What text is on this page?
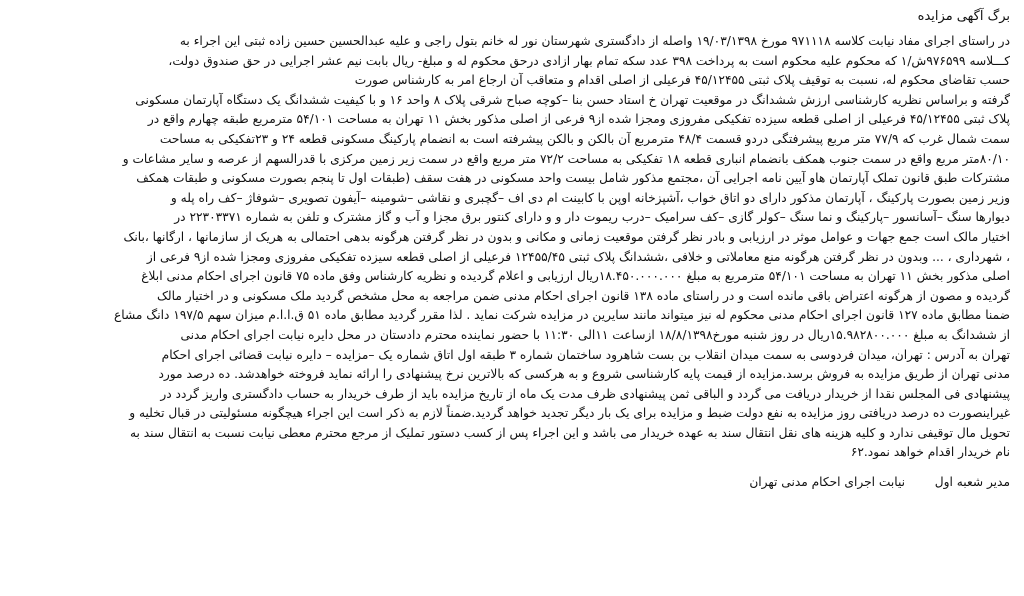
برگ آگهی مزایده
در راستای اجرای مفاد نیابت کلاسه ۹۷۱۱۱۸ مورخ ۱۹/۰۳/۱۳۹۸ واصله از دادگستری شهرستان نور له خانم بتول راجی و علیه عبدالحسین حسین زاده ثبتی این اجراء به
کـــلاسه ۹۷۶۵۹۹ش/۱ که محکوم علیه محکوم است به پرداخت ۳۹۸ عدد سکه تمام بهار ازادی درحق محکوم له و مبلغ- ریال بابت نیم عشر اجرایی در حق صندوق دولت،
حسب تقاضای محکوم له، نسبت به توقیف پلاک ثبتی ۴۵/۱۲۴۵۵ فرعیلی از اصلی اقدام و متعاقب آن ارجاع امر به کارشناس صورت
گرفته و براساس نظریه کارشناسی ارزش ششدانگ در موقعیت تهران خ استاد حسن بنا –کوچه صباح شرقی پلاک ۸ واحد ۱۶ و با کیفیت ششدانگ یک دستگاه آپارتمان مسکونی
پلاک ثبتی ۴۵/۱۲۴۵۵ فرعیلی از اصلی قطعه سیزده تفکیکی مفروزی ومجزا شده از۹ فرعی از اصلی مذکور بخش ۱۱ تهران به مساحت ۵۴/۱۰۱ مترمربع طبقه چهارم واقع در
سمت شمال غرب که ۷۷/۹ متر مربع پیشرفتگی دردو قسمت ۴۸/۴ مترمربع آن بالکن و بالکن پیشرفته است به انضمام پارکینگ مسکونی قطعه ۲۴ و ۲۳تفکیکی به مساحت
۸۰/۱۰متر مربع واقع در سمت جنوب همکف بانضمام انباری قطعه ۱۸ تفکیکی به مساحت ۷۲/۲ متر مربع واقع در سمت زیر زمین مرکزی با قدرالسهم از عرصه و سایر مشاعات و
مشترکات طبق قانون تملک آپارتمان هاو آیین نامه اجرایی آن ،مجتمع مذکور شامل بیست واحد مسکونی در هفت سقف (طبقات اول تا پنجم بصورت مسکونی و طبقات همکف
وزیر زمین بصورت پارکینگ ، آپارتمان مذکور دارای دو اتاق خواب ،آشپزخانه اوپن با کابینت ام دی اف –گچبری و نقاشی –شومینه –آیفون تصویری –شوفاژ –کف راه پله و
دیوارها سنگ –آسانسور –پارکینگ و نما سنگ –کولر گازی –کف سرامیک –درب ریموت دار و و دارای کنتور برق مجزا و آب و گاز مشترک و تلفن به شماره ۲۲۳۰۳۳۷۱ در
اختیار مالک است جمع جهات و عوامل موثر در ارزیابی و بادر نظر گرفتن موقعیت زمانی و مکانی و بدون در نظر گرفتن هرگونه بدهی احتمالی به هریک از سازمانها ، ارگانها ،بانک
، شهرداری ، ... وبدون در نظر گرفتن هرگونه منع معاملاتی و خلافی ،ششدانگ پلاک ثبتی ۱۲۴۵۵/۴۵ فرعیلی از اصلی قطعه سیزده تفکیکی مفروزی ومجزا شده از۹ فرعی از
اصلی مذکور بخش ۱۱ تهران به مساحت ۵۴/۱۰۱ مترمربع به مبلغ ۱۸.۴۵۰.۰۰۰.۰۰۰ریال ارزیابی و اعلام گردیده و نظریه کارشناس وفق ماده ۷۵ قانون اجرای احکام مدنی ابلاغ
گردیده و مصون از هرگونه اعتراض باقی مانده است و در راستای ماده ۱۳۸ قانون اجرای احکام مدنی ضمن مراجعه به محل مشخص گردید ملک مسکونی و در اختیار مالک
ضمنا مطابق ماده ۱۲۷ قانون اجرای احکام مدنی محکوم له نیز میتواند مانند سایرین در مزایده شرکت نماید . لذا مقرر گردید مطابق ماده ۵۱ ق.ا.ا.م میزان سهم ۱۹۷/۵ دانگ مشاع
از ششدانگ به مبلغ ۱۵.۹۸۲۸۰۰.۰۰۰ریال در روز شنبه مورخ۱۸/۸/۱۳۹۸ ازساعت ۱۱الی ۱۱:۳۰ با حضور نماینده محترم دادستان در محل دایره نیابت اجرای احکام مدنی
تهران به آدرس : تهران، میدان فردوسی به سمت میدان انقلاب بن بست شاهرود ساختمان شماره ۳ طبقه اول اتاق شماره یک –مزایده – دایره نیابت قضائی اجرای احکام
مدنی تهران از طریق مزایده به فروش برسد.مزایده از قیمت پایه کارشناسی شروع و به هرکسی که بالاترین نرخ پیشنهادی را ارائه نماید فروخته خواهدشد. ده درصد مورد
پیشنهادی فی المجلس نقدا از خریدار دریافت می گردد و الباقی ثمن پیشنهادی ظرف مدت یک ماه از تاریخ مزایده باید از طرف خریدار به حساب دادگستری واریز گردد در
غیراینصورت ده درصد دریافتی روز مزایده به نفع دولت ضبط و مزایده برای یک بار دیگر تجدید خواهد گردید.ضمناً لازم به ذکر است این اجراء هیچگونه مسئولیتی در قبال تخلیه و
تحویل مال توقیفی ندارد و کلیه هزینه های نقل انتقال سند به عهده خریدار می باشد و این اجراء پس از کسب دستور تملیک از مرجع محترم معطی نیابت نسبت به انتقال سند به
نام خریدار اقدام خواهد نمود.۶۲
مدیر شعبه اول  نیابت اجرای احکام مدنی تهران
